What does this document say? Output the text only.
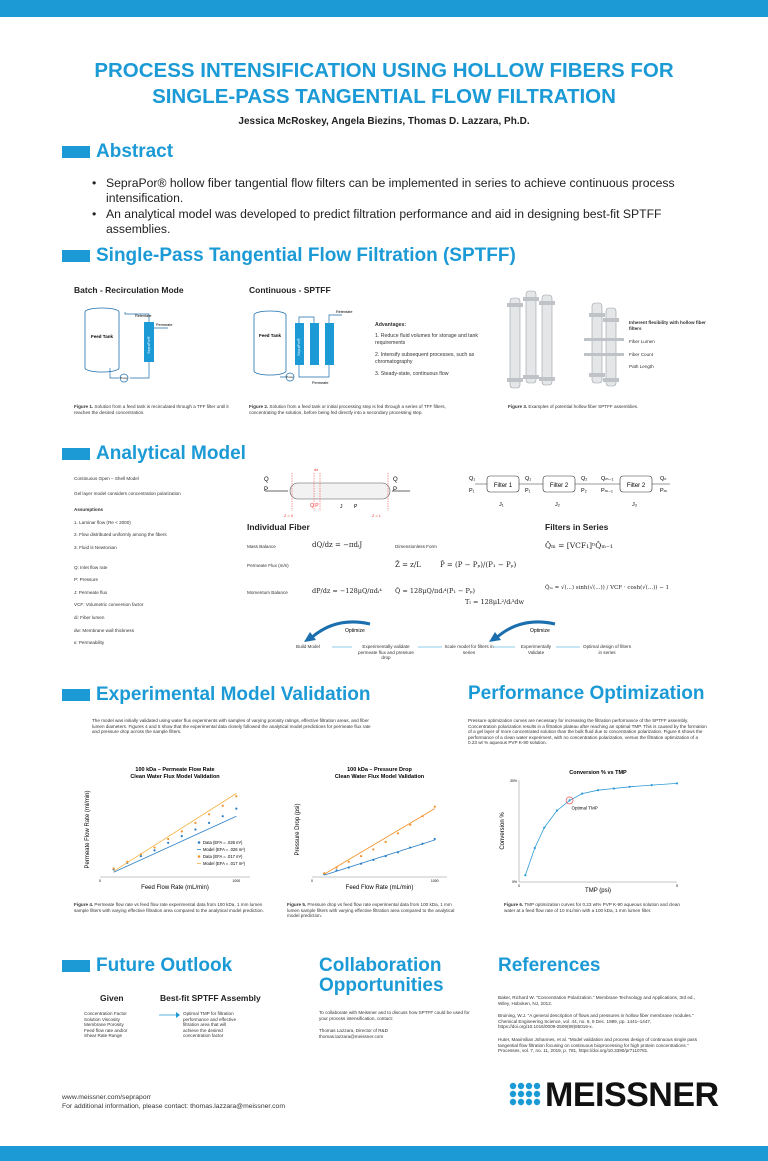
PROCESS INTENSIFICATION USING HOLLOW FIBERS FOR
SINGLE-PASS TANGENTIAL FLOW FILTRATION
Jessica McRoskey, Angela Biezins, Thomas D. Lazzara, Ph.D.
Abstract
• SepraPor® hollow fiber tangential flow filters can be implemented in series to achieve continuous process intensification.
• An analytical model was developed to predict filtration performance and aid in designing best-fit SPTFF assemblies.
Single-Pass Tangential Flow Filtration (SPTFF)
Batch - Recirculation Mode	Continuous - SPTFF
Feed Tank
Retentate
Permeate
Pump
SepraPor®
Feed Tank
Retentate
Permeate
Pump
SepraPor®
Advantages:
1. Reduce fluid volumes for storage and tank requirements
2. Intensify subsequent processes, such as chromatography
3. Steady-state, continuous flow
Inherent flexibility with hollow fiber filters
Fiber Lumen
Fiber Count
Path Length
Figure 1. Solution from a feed tank is recirculated through a TFF filter until it reaches the desired concentration.
Figure 2. Solution from a feed tank or initial processing step is fed through a series of TFF filters, concentrating the solution, before being fed directly into a secondary processing step.
Figure 3. Examples of potential hollow fiber SPTFF assemblies.
Analytical Model
Continuous Open – Shell Model
Gel layer model considers concentration polarization
Assumptions
1. Laminar flow (Re < 2000)
2. Flow distributed uniformly among the fibers
3. Fluid is Newtonian
Q: Inlet flow rate
P: Pressure
J: Permeate flux
VCF: Volumetric conversion factor
di: Fiber lumen
dw: Membrane wall thickness
κ: Permeability
Q
P
Q
P
dz
Q P	J P
Z = 0	Z = L
Filter 1	Filter 2	Filter 2
Q₁
P₁
Q₁
P₁
Q₂
P₂
Qₘ₋₁
Pₘ₋₁
Qₙ
Pₘ
J₁	J₂	J₃
Individual Fiber	Filters in Series
Mass Balance	dQ/dz = −πdᵢJ	Dimensionless Form
Permeate Flux (m/s)	Ẑ = z/L	P̂ = (P − Pₚ)/(P₁ − Pₚ)
Momentum Balance	dP/dz = −128μQ/πdᵢ⁴ Q̂ = 128μQ/πdᵢ⁴(P₁ − Pₚ)
Tₗ = 128μL²/dᵢ³dw
Q̂ₘ = [VCF₁]ⁿQ̂ₘ₋₁
Q̂ₘ = √(...) sinh(√(...)) / VCF · cosh(√(...)) − 1
Optimize	Optimize
Build Model	Experimentally validate permeate flux and pressure drop
Scale model for filters in series
Experimentally Validate
Optimal design of filters in series
Experimental Model Validation
The model was initially validated using water flux experiments with samples of varying porosity ratings, effective filtration areas, and fiber lumen diameters. Figures 4 and 5 show that the experimental data closely followed the analytical model predictions for permeate flux rate and pressure drop across the sample filters.
Performance Optimization
Pressure optimization curves are necessary for increasing the filtration performance of the SPTFF assembly. Concentration polarization results in a filtration plateau after reaching an optimal TMP. This is caused by the formation of a gel layer of more concentrated solution than the bulk fluid due to concentration polarization. Figure 6 shows the performance of a clean water experiment, with no concentration polarization, versus the filtration optimization of a 0.23 wt % aqueous PVP K-90 solution.
100 kDa – Permeate Flow Rate
Clean Water Flux Model Validation
Feed Flow Rate (mL/min)
Permeate Flow Rate (ml/min)
0	1000
Data (EFA = .026 m²)
Model (EFA = .026 m²)
Data (EFA = .017 m²)
Model (EFA = .017 m²)
100 kDa – Pressure Drop
Clean Water Flux Model Validation
Feed Flow Rate (mL/min)
Pressure Drop (psi)
0	1000
Conversion % vs TMP
TMP (psi)
Conversion %
0%
30%
0	5
Optimal TMP
Figure 4. Permeate flow rate vs feed flow rate experimental data from 100 kDa, 1 mm lumen sample filters with varying effective filtration area compared to the analytical model prediction.
Figure 5. Pressure drop vs feed flow rate experimental data from 100 kDa, 1 mm lumen sample filters with varying effective filtration area compared to the analytical model prediction.
Figure 6. TMP optimization curves for 0.23 wt% PVP K-90 aqueous solution and clean water at a feed flow rate of 10 mL/min with a 100 kDa, 1 mm lumen filter.
Future Outlook
Given	Best-fit SPTFF Assembly
Concentration Factor
Solution Viscosity
Membrane Porosity
Feed flow rate and/or
Shear Rate Range
Optimal TMP for filtration
performance and effective
filtration area that will
achieve the desired
concentration factor
Collaboration
Opportunities
To collaborate with Meissner and to discuss how SPTFF could be used for your process intensification, contact:
Thomas Lazzara, Director of R&D
thomas.lazzara@meissner.com
References
Baker, Richard W. "Concentration Polarization." Membrane Technology and Applications, 3rd ed., Wiley, Hoboken, NJ, 2012.
Bruining, W.J. "A general description of flows and pressures in hollow fiber membrane modules." Chemical Engineering Science, vol. 44, no. 6, 8 Dec. 1989, pp. 1441–1447, https://doi.org/10.1016/0009-2509(89)85016-x.
Huter, Maximilian Johannes, et al. "Model validation and process design of continuous single pass tangential flow filtration focusing on continuous bioprocessing for high protein concentrations." Processes, vol. 7, no. 11, 2019, p. 781, https://doi.org/10.3390/pr7110781.
www.meissner.com/sepraporr
For additional information, please contact: thomas.lazzara@meissner.com	MEISSNER
